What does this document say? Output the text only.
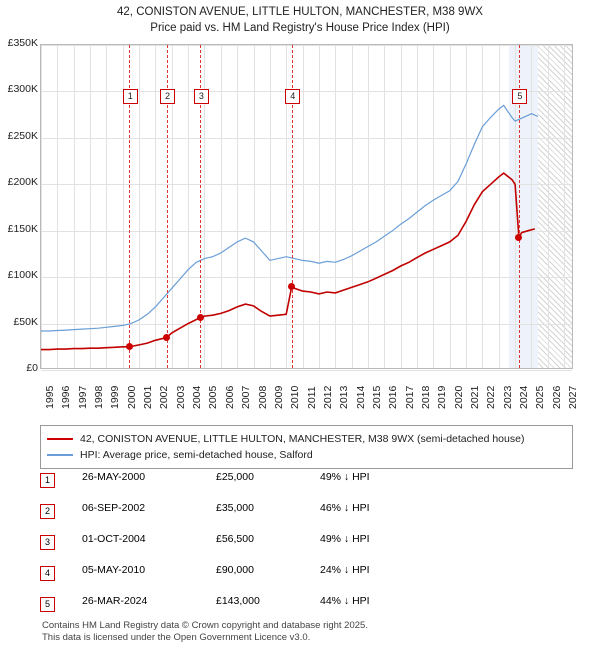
42, CONISTON AVENUE, LITTLE HULTON, MANCHESTER, M38 9WX
Price paid vs. HM Land Registry's House Price Index (HPI)
1	2	3	4	5
£0
£50K
£100K
£150K
£200K
£250K
£300K
£350K
1995 1996 1997 1998 1999 2000 2001 2002 2003 2004 2005 2006 2007 2008 2009 2010 2011 2012 2013 2014 2015 2016 2017 2018 2019 2020 2021 2022 2023 2024 2025 2026 2027
42, CONISTON AVENUE, LITTLE HULTON, MANCHESTER, M38 9WX (semi-detached house)
HPI: Average price, semi-detached house, Salford
1	26-MAY-2000	£25,000	49% ↓ HPI
2	06-SEP-2002	£35,000	46% ↓ HPI
3	01-OCT-2004	£56,500	49% ↓ HPI
4	05-MAY-2010	£90,000	24% ↓ HPI
5	26-MAR-2024	£143,000	44% ↓ HPI
Contains HM Land Registry data © Crown copyright and database right 2025.
This data is licensed under the Open Government Licence v3.0.
